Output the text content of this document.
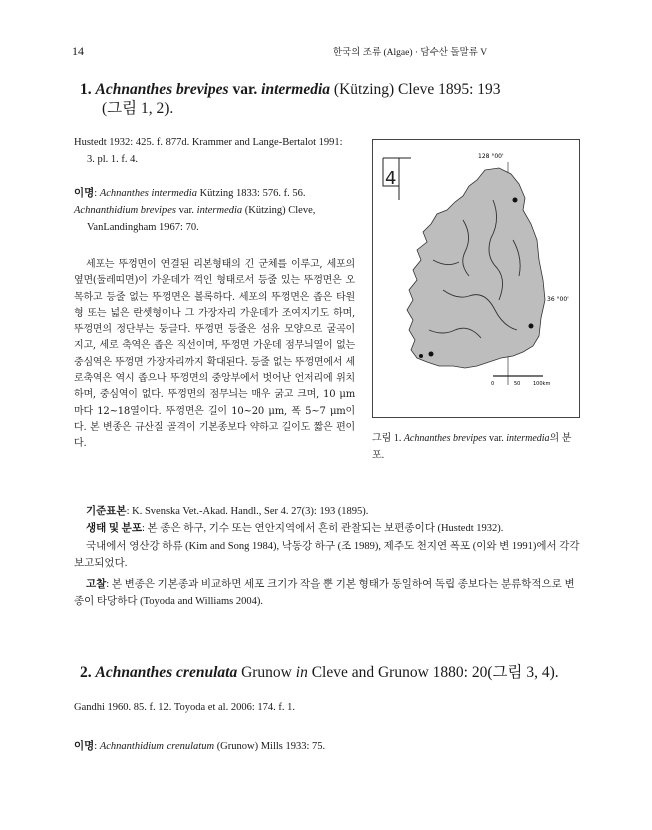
14	한국의 조류 (Algae) · 담수산 돌말류 V
1. Achnanthes brevipes var. intermedia (Kützing) Cleve 1895: 193
(그림 1, 2).

Hustedt 1932: 425. f. 877d. Krammer and Lange-Bertalot 1991: 3. pl. 1. f. 4.

이명: Achnanthes intermedia Kützing 1833: 576. f. 56.

Achnanthidium brevipes var. intermedia (Kützing) Cleve, VanLandingham 1967: 70.

세포는 뚜껑면이 연결된 리본형태의 긴 군체를 이루고, 세포의 옆면(둘레띠면)이 가운데가 꺽인 형태로서 등줄 있는 뚜껑면은 오목하고 등줄 없는 뚜껑면은 볼록하다. 세포의 뚜껑면은 좁은 타원형 또는 넓은 란셋형이나 그 가장자리 가운데가 조여지기도 하며, 뚜껑면의 정단부는 둥글다. 뚜껑면 등줄은 섬유 모양으로 굴곡이 지고, 세로 축역은 좁은 직선이며, 뚜껑면 가운데 점무늬열이 없는 중심역은 뚜껑면 가장자리까지 확대된다. 등줄 없는 뚜껑면에서 세로축역은 역시 좁으나 뚜껑면의 중앙부에서 벗어난 언저리에 위치하며, 중심역이 없다. 뚜껑면의 점무늬는 매우 굵고 크며, 10 μm 마다 12~18열이다. 뚜껑면은 길이 10~20 μm, 폭 5~7 μm이다. 본 변종은 규산질 골격이 기본종보다 약하고 길이도 짧은 편이다.

128 °00'
36 °00'
4
0	50	100km
그림 1. Achnanthes brevipes var. intermedia의 분포.

기준표본: K. Svenska Vet.-Akad. Handl., Ser 4. 27(3): 193 (1895).

생태 및 분포: 본 종은 하구, 기수 또는 연안지역에서 흔히 관찰되는 보편종이다 (Hustedt 1932).

국내에서 영산강 하류 (Kim and Song 1984), 낙동강 하구 (조 1989), 제주도 천지연 폭포 (이와 변 1991)에서 각각 보고되었다.

고찰: 본 변종은 기본종과 비교하면 세포 크기가 작을 뿐 기본 형태가 동일하여 독립 종보다는 분류학적으로 변종이 타당하다 (Toyoda and Williams 2004).

2. Achnanthes crenulata Grunow in Cleve and Grunow 1880: 20(그림 3, 4).
Gandhi 1960. 85. f. 12. Toyoda et al. 2006: 174. f. 1.
이명: Achnanthidium crenulatum (Grunow) Mills 1933: 75.
